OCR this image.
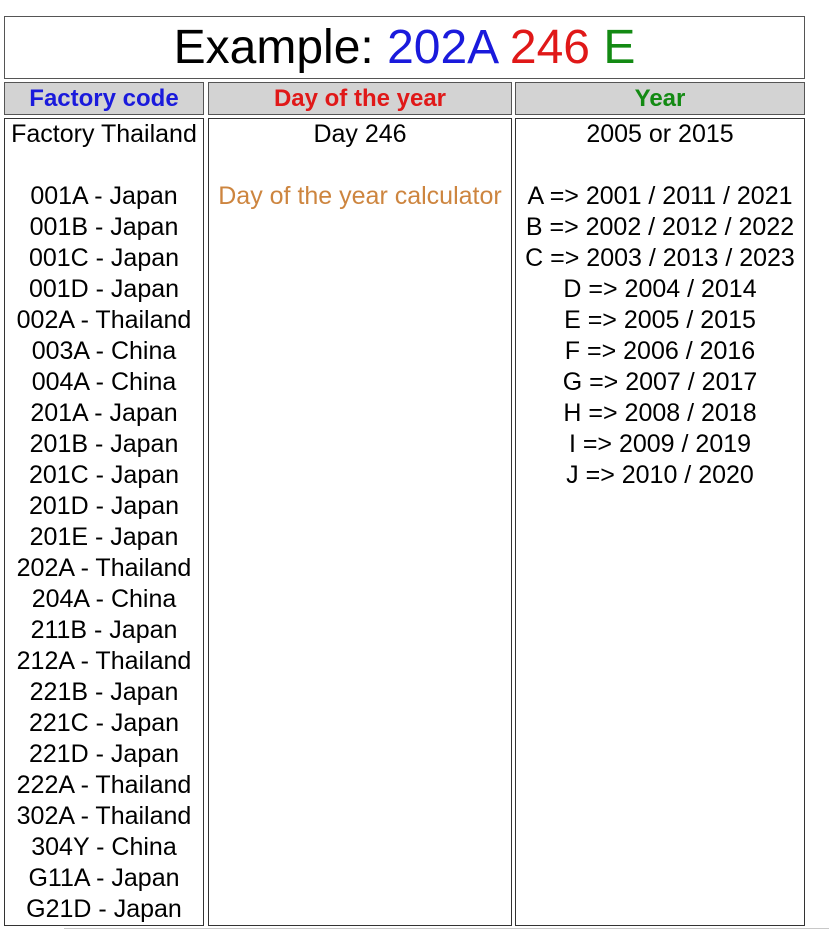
Example: 202A 246 E
Factory code	Day of the year	Year
Factory Thailand
001A - Japan
001B - Japan
001C - Japan
001D - Japan
002A - Thailand
003A - China
004A - China
201A - Japan
201B - Japan
201C - Japan
201D - Japan
201E - Japan
202A - Thailand
204A - China
211B - Japan
212A - Thailand
221B - Japan
221C - Japan
221D - Japan
222A - Thailand
302A - Thailand
304Y - China
G11A - Japan
G21D - Japan
Day 246
Day of the year calculator
2005 or 2015
A => 2001 / 2011 / 2021
B => 2002 / 2012 / 2022
C => 2003 / 2013 / 2023
D => 2004 / 2014
E => 2005 / 2015
F => 2006 / 2016
G => 2007 / 2017
H => 2008 / 2018
I => 2009 / 2019
J => 2010 / 2020
